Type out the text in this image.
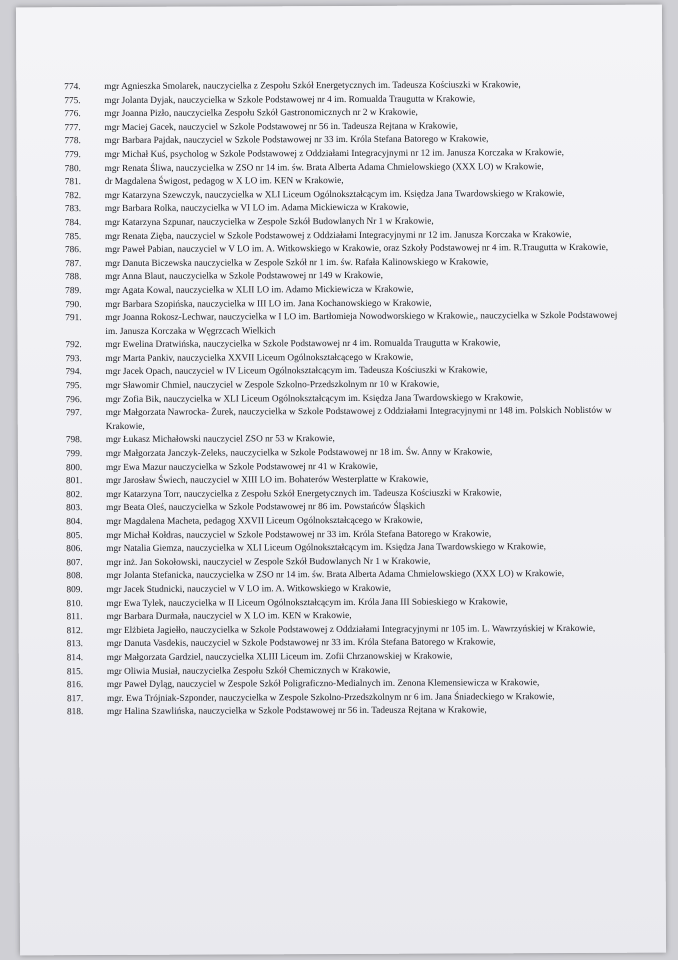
774.	mgr Agnieszka Smolarek, nauczycielka z Zespołu Szkół Energetycznych im. Tadeusza Kościuszki w Krakowie,
775.	mgr Jolanta Dyjak, nauczycielka w Szkole Podstawowej nr 4 im. Romualda Traugutta w Krakowie,
776.	mgr Joanna Pizło, nauczycielka Zespołu Szkół Gastronomicznych nr 2 w Krakowie,
777.	mgr Maciej Gacek, nauczyciel w Szkole Podstawowej nr 56 in. Tadeusza Rejtana w Krakowie,
778.	mgr Barbara Pajdak, nauczyciel w Szkole Podstawowej nr 33 im. Króla Stefana Batorego w Krakowie,
779.	mgr Michał Kuś, psycholog w Szkole Podstawowej z Oddziałami Integracyjnymi nr 12 im. Janusza Korczaka w Krakowie,
780.	mgr Renata Śliwa, nauczycielka w ZSO nr 14 im. św. Brata Alberta Adama Chmielowskiego (XXX LO) w Krakowie,
781.	dr Magdalena Świgost, pedagog w X LO im. KEN w Krakowie,
782.	mgr Katarzyna Szewczyk, nauczycielka w XLI Liceum Ogólnokształcącym im. Księdza Jana Twardowskiego w Krakowie,
783.	mgr Barbara Rolka, nauczycielka w VI LO im. Adama Mickiewicza w Krakowie,
784.	mgr Katarzyna Szpunar, nauczycielka w Zespole Szkół Budowlanych Nr 1 w Krakowie,
785.	mgr Renata Zięba, nauczyciel w Szkole Podstawowej z Oddziałami Integracyjnymi nr 12 im. Janusza Korczaka w Krakowie,
786.	mgr Paweł Pabian, nauczyciel w V LO im. A. Witkowskiego w Krakowie, oraz Szkoły Podstawowej nr 4 im. R.Traugutta w Krakowie,
787.	mgr Danuta Biczewska nauczycielka w Zespole Szkół nr 1 im. św. Rafała Kalinowskiego w Krakowie,
788.	mgr Anna Blaut, nauczycielka w Szkole Podstawowej nr 149 w Krakowie,
789.	mgr Agata Kowal, nauczycielka w XLII LO im. Adamo Mickiewicza w Krakowie,
790.	mgr Barbara Szopińska, nauczycielka w III LO im. Jana Kochanowskiego w Krakowie,
791.	mgr Joanna Rokosz-Lechwar, nauczycielka w I LO im. Bartłomieja Nowodworskiego w Krakowie,, nauczycielka w Szkole Podstawowej im. Janusza Korczaka w Węgrzcach Wielkich
792.	mgr Ewelina Dratwińska, nauczycielka w Szkole Podstawowej nr 4 im. Romualda Traugutta w Krakowie,
793.	mgr Marta Pankiv, nauczycielka XXVII Liceum Ogólnokształcącego w Krakowie,
794.	mgr Jacek Opach, nauczyciel w IV Liceum Ogólnokształcącym im. Tadeusza Kościuszki w Krakowie,
795.	mgr Sławomir Chmiel, nauczyciel w Zespole Szkolno-Przedszkolnym nr 10 w Krakowie,
796.	mgr Zofia Bik, nauczycielka w XLI Liceum Ogólnokształcącym im. Księdza Jana Twardowskiego w Krakowie,
797.	mgr Małgorzata Nawrocka- Żurek, nauczycielka w Szkole Podstawowej z Oddziałami Integracyjnymi nr 148 im. Polskich Noblistów w Krakowie,
798.	mgr Łukasz Michałowski nauczyciel ZSO nr 53 w Krakowie,
799.	mgr Małgorzata Janczyk-Zeleks, nauczycielka w Szkole Podstawowej nr 18 im. Św. Anny w Krakowie,
800.	mgr Ewa Mazur nauczycielka w Szkole Podstawowej nr 41 w Krakowie,
801.	mgr Jarosław Świech, nauczyciel w XIII LO im. Bohaterów Westerplatte w Krakowie,
802.	mgr Katarzyna Torr, nauczycielka z Zespołu Szkół Energetycznych im. Tadeusza Kościuszki w Krakowie,
803.	mgr Beata Oleś, nauczycielka w Szkole Podstawowej nr 86 im. Powstańców Śląskich
804.	mgr Magdalena Macheta, pedagog XXVII Liceum Ogólnokształcącego w Krakowie,
805.	mgr Michał Kołdras, nauczyciel w Szkole Podstawowej nr 33 im. Króla Stefana Batorego w Krakowie,
806.	mgr Natalia Giemza, nauczycielka w XLI Liceum Ogólnokształcącym im. Księdza Jana Twardowskiego w Krakowie,
807.	mgr inż. Jan Sokołowski, nauczyciel w Zespole Szkół Budowlanych Nr 1 w Krakowie,
808.	mgr Jolanta Stefanicka, nauczycielka w ZSO nr 14 im. św. Brata Alberta Adama Chmielowskiego (XXX LO) w Krakowie,
809.	mgr Jacek Studnicki, nauczyciel w V LO im. A. Witkowskiego w Krakowie,
810.	mgr Ewa Tylek, nauczycielka w II Liceum Ogólnokształcącym im. Króla Jana III Sobieskiego w Krakowie,
811.	mgr Barbara Durmała, nauczyciel w X LO im. KEN w Krakowie,
812.	mgr Elżbieta Jagiełło, nauczycielka w Szkole Podstawowej z Oddziałami Integracyjnymi nr 105 im. L. Wawrzyńskiej w Krakowie,
813.	mgr Danuta Vasdekis, nauczyciel w Szkole Podstawowej nr 33 im. Króla Stefana Batorego w Krakowie,
814.	mgr Małgorzata Gardziel, nauczycielka XLIII Liceum im. Zofii Chrzanowskiej w Krakowie,
815.	mgr Oliwia Musiał, nauczycielka Zespołu Szkół Chemicznych w Krakowie,
816.	mgr Paweł Dyląg, nauczyciel w Zespole Szkół Poligraficzno-Medialnych im. Zenona Klemensiewicza w Krakowie,
817.	mgr. Ewa Trójniak-Szponder, nauczycielka w Zespole Szkolno-Przedszkolnym nr 6 im. Jana Śniadeckiego w Krakowie,
818.	mgr Halina Szawlińska, nauczycielka w Szkole Podstawowej nr 56 in. Tadeusza Rejtana w Krakowie,
